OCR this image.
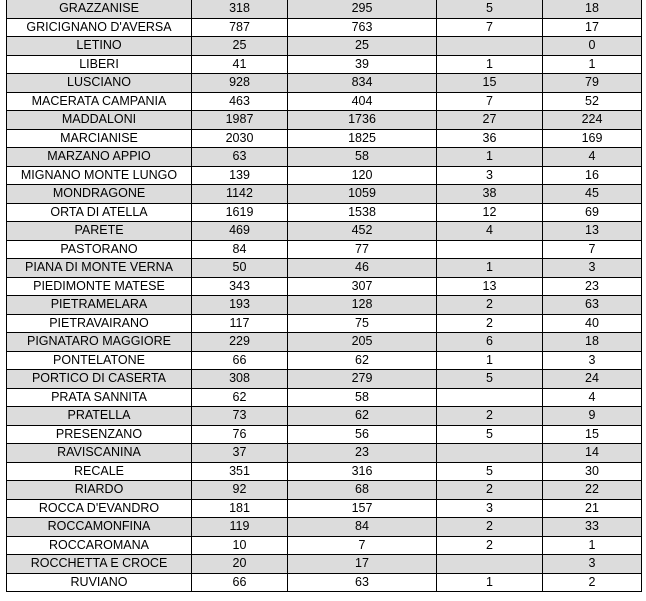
GRAZZANISE	318	295	5	18
GRICIGNANO D'AVERSA	787	763	7	17
LETINO	25	25		0
LIBERI	41	39	1	1
LUSCIANO	928	834	15	79
MACERATA CAMPANIA	463	404	7	52
MADDALONI	1987	1736	27	224
MARCIANISE	2030	1825	36	169
MARZANO APPIO	63	58	1	4
MIGNANO MONTE LUNGO	139	120	3	16
MONDRAGONE	1142	1059	38	45
ORTA DI ATELLA	1619	1538	12	69
PARETE	469	452	4	13
PASTORANO	84	77		7
PIANA DI MONTE VERNA	50	46	1	3
PIEDIMONTE MATESE	343	307	13	23
PIETRAMELARA	193	128	2	63
PIETRAVAIRANO	117	75	2	40
PIGNATARO MAGGIORE	229	205	6	18
PONTELATONE	66	62	1	3
PORTICO DI CASERTA	308	279	5	24
PRATA SANNITA	62	58		4
PRATELLA	73	62	2	9
PRESENZANO	76	56	5	15
RAVISCANINA	37	23		14
RECALE	351	316	5	30
RIARDO	92	68	2	22
ROCCA D'EVANDRO	181	157	3	21
ROCCAMONFINA	119	84	2	33
ROCCAROMANA	10	7	2	1
ROCCHETTA E CROCE	20	17		3
RUVIANO	66	63	1	2
